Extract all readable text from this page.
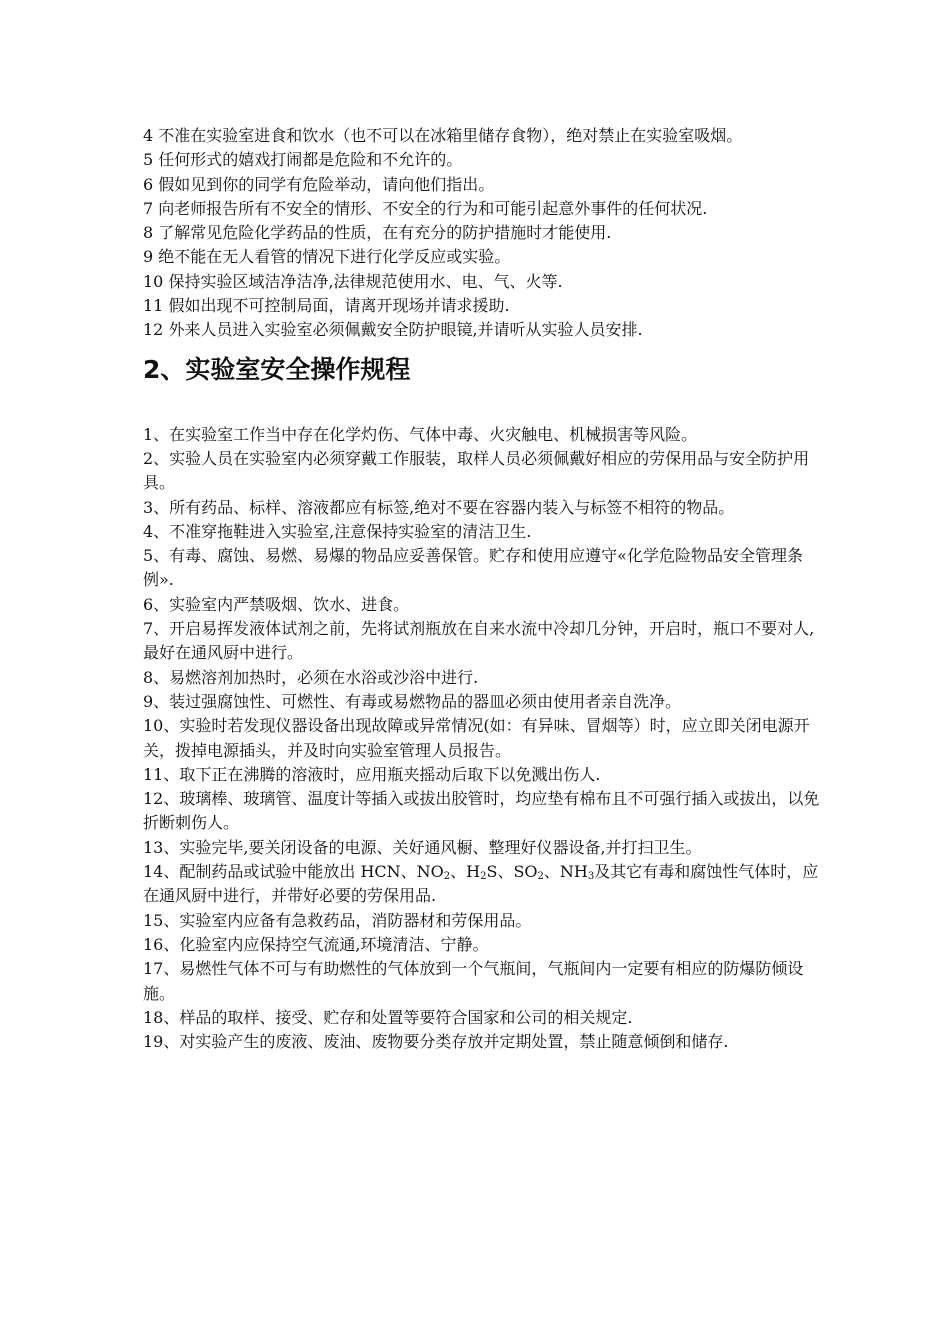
4 不准在实验室进食和饮水（也不可以在冰箱里储存食物），绝对禁止在实验室吸烟。

5 任何形式的嬉戏打闹都是危险和不允许的。

6 假如见到你的同学有危险举动，请向他们指出。

7 向老师报告所有不安全的情形、不安全的行为和可能引起意外事件的任何状况.

8 了解常见危险化学药品的性质，在有充分的防护措施时才能使用.

9 绝不能在无人看管的情况下进行化学反应或实验。

10 保持实验区域洁净洁净,法律规范使用水、电、气、火等.

11 假如出现不可控制局面，请离开现场并请求援助.

12 外来人员进入实验室必须佩戴安全防护眼镜,并请听从实验人员安排.

2、实验室安全操作规程

1、在实验室工作当中存在化学灼伤、气体中毒、火灾触电、机械损害等风险。

2、实验人员在实验室内必须穿戴工作服装，取样人员必须佩戴好相应的劳保用品与安全防护用具。

3、所有药品、标样、溶液都应有标签,绝对不要在容器内装入与标签不相符的物品。

4、不准穿拖鞋进入实验室,注意保持实验室的清洁卫生.

5、有毒、腐蚀、易燃、易爆的物品应妥善保管。贮存和使用应遵守«化学危险物品安全管理条例».

6、实验室内严禁吸烟、饮水、进食。

7、开启易挥发液体试剂之前，先将试剂瓶放在自来水流中冷却几分钟，开启时，瓶口不要对人,最好在通风厨中进行。

8、易燃溶剂加热时，必须在水浴或沙浴中进行.

9、装过强腐蚀性、可燃性、有毒或易燃物品的器皿必须由使用者亲自洗净。

10、实验时若发现仪器设备出现故障或异常情况(如：有异味、冒烟等）时，应立即关闭电源开关，拨掉电源插头，并及时向实验室管理人员报告。

11、取下正在沸腾的溶液时，应用瓶夹摇动后取下以免溅出伤人.

12、玻璃棒、玻璃管、温度计等插入或拔出胶管时，均应垫有棉布且不可强行插入或拔出，以免折断刺伤人。

13、实验完毕,要关闭设备的电源、关好通风橱、整理好仪器设备,并打扫卫生。

14、配制药品或试验中能放出 HCN、$NO_2$、$H_2S$、$SO_2$、$NH_3$及其它有毒和腐蚀性气体时，应在通风厨中进行，并带好必要的劳保用品.

15、实验室内应备有急救药品，消防器材和劳保用品。

16、化验室内应保持空气流通,环境清洁、宁静。

17、易燃性气体不可与有助燃性的气体放到一个气瓶间，气瓶间内一定要有相应的防爆防倾设施。

18、样品的取样、接受、贮存和处置等要符合国家和公司的相关规定.

19、对实验产生的废液、废油、废物要分类存放并定期处置，禁止随意倾倒和储存.
